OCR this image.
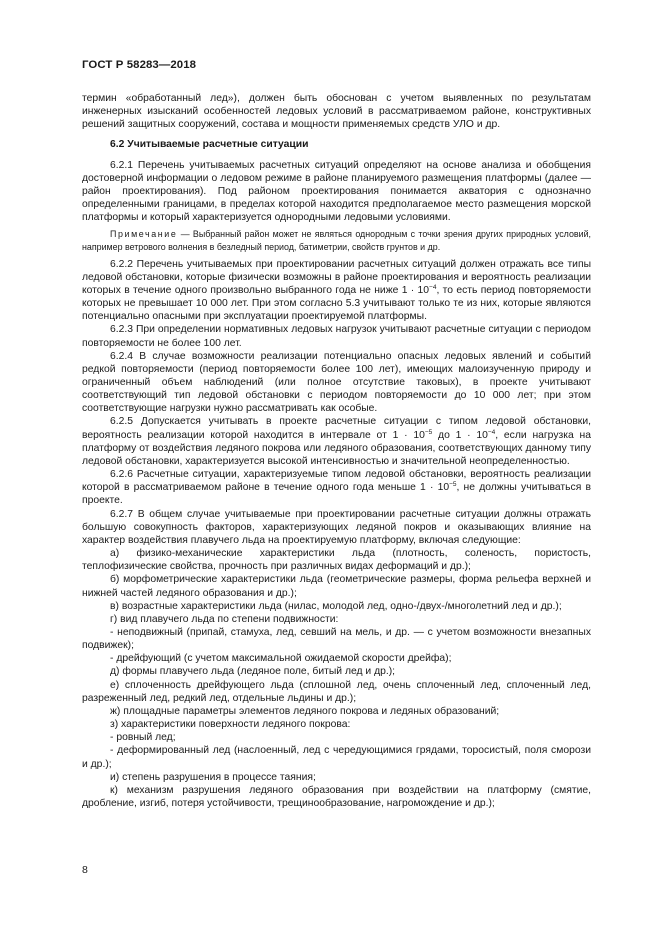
ГОСТ Р 58283—2018

термин «обработанный лед»), должен быть обоснован с учетом выявленных по результатам инженерных изысканий особенностей ледовых условий в рассматриваемом районе, конструктивных решений защитных сооружений, состава и мощности применяемых средств УЛО и др.

6.2 Учитываемые расчетные ситуации

6.2.1 Перечень учитываемых расчетных ситуаций определяют на основе анализа и обобщения достоверной информации о ледовом режиме в районе планируемого размещения платформы (далее — район проектирования). Под районом проектирования понимается акватория с однозначно определенными границами, в пределах которой находится предполагаемое место размещения морской платформы и который характеризуется однородными ледовыми условиями.

Примечание — Выбранный район может не являться однородным с точки зрения других природных условий, например ветрового волнения в безледный период, батиметрии, свойств грунтов и др.

6.2.2 Перечень учитываемых при проектировании расчетных ситуаций должен отражать все типы ледовой обстановки, которые физически возможны в районе проектирования и вероятность реализации которых в течение одного произвольно выбранного года не ниже $1 \cdot 10^{-4}$, то есть период повторяемости которых не превышает 10 000 лет. При этом согласно 5.3 учитывают только те из них, которые являются потенциально опасными при эксплуатации проектируемой платформы.

6.2.3 При определении нормативных ледовых нагрузок учитывают расчетные ситуации с периодом повторяемости не более 100 лет.

6.2.4 В случае возможности реализации потенциально опасных ледовых явлений и событий редкой повторяемости (период повторяемости более 100 лет), имеющих малоизученную природу и ограниченный объем наблюдений (или полное отсутствие таковых), в проекте учитывают соответствующий тип ледовой обстановки с периодом повторяемости до 10 000 лет; при этом соответствующие нагрузки нужно рассматривать как особые.

6.2.5 Допускается учитывать в проекте расчетные ситуации с типом ледовой обстановки, вероятность реализации которой находится в интервале от $1 \cdot 10^{-5}$ до $1 \cdot 10^{-4}$, если нагрузка на платформу от воздействия ледяного покрова или ледяного образования, соответствующих данному типу ледовой обстановки, характеризуется высокой интенсивностью и значительной неопределенностью.

6.2.6 Расчетные ситуации, характеризуемые типом ледовой обстановки, вероятность реализации которой в рассматриваемом районе в течение одного года меньше $1 \cdot 10^{-5}$, не должны учитываться в проекте.

6.2.7 В общем случае учитываемые при проектировании расчетные ситуации должны отражать большую совокупность факторов, характеризующих ледяной покров и оказывающих влияние на характер воздействия плавучего льда на проектируемую платформу, включая следующие:

а) физико-механические характеристики льда (плотность, соленость, пористость, теплофизические свойства, прочность при различных видах деформаций и др.);

б) морфометрические характеристики льда (геометрические размеры, форма рельефа верхней и нижней частей ледяного образования и др.);

в) возрастные характеристики льда (нилас, молодой лед, одно-/двух-/многолетний лед и др.);

г) вид плавучего льда по степени подвижности:

- неподвижный (припай, стамуха, лед, севший на мель, и др. — с учетом возможности внезапных подвижек);

- дрейфующий (с учетом максимальной ожидаемой скорости дрейфа);

д) формы плавучего льда (ледяное поле, битый лед и др.);

е) сплоченность дрейфующего льда (сплошной лед, очень сплоченный лед, сплоченный лед, разреженный лед, редкий лед, отдельные льдины и др.);

ж) площадные параметры элементов ледяного покрова и ледяных образований;

з) характеристики поверхности ледяного покрова:

- ровный лед;

- деформированный лед (наслоенный, лед с чередующимися грядами, торосистый, поля сморози и др.);

и) степень разрушения в процессе таяния;

к) механизм разрушения ледяного образования при воздействии на платформу (смятие, дробление, изгиб, потеря устойчивости, трещинообразование, нагромождение и др.);

8
